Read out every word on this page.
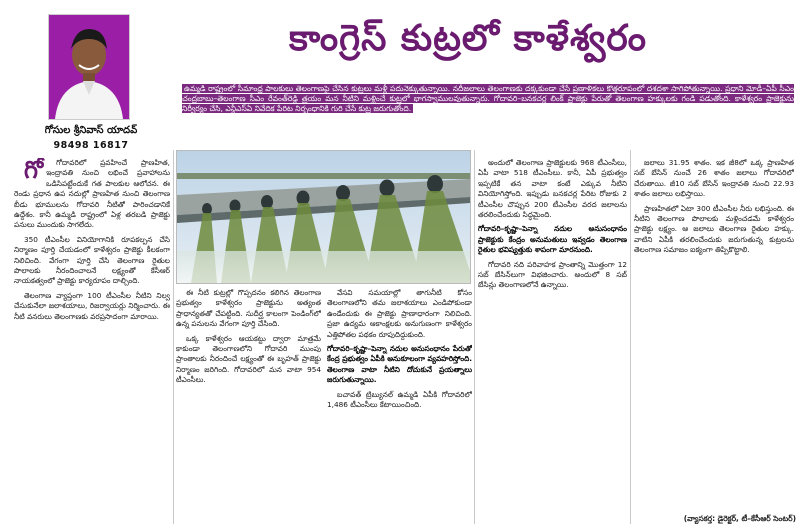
కాంగ్రెస్ కుట్రలో కాళేశ్వరం

ఉమ్మడి రాష్ట్రంలో సీమాంధ్ర పాలకులు తెలంగాణపై చేసిన కుట్రలు మళ్లీ పదునెక్కుతున్నాయి. నదీజలాలు తెలంగాణకు దక్కకుండా చేసే ప్రణాళికలు కొత్తరూపంలో దశదశా సాగిపోతున్నాయి. ప్రధాని మోడీ–ఏపీ సీఎం చంద్రబాబు–తెలంగాణ సీఎం రేవంత్‌రెడ్డి త్రయం మన నీటిని మళ్లించే కుట్రలో భాగస్వాములవుతున్నారు. గోదావరి–బనకచర్ల లింక్ ప్రాజెక్టు పేరుతో తెలంగాణ హక్కులకు గండి పడుతోంది. కాళేశ్వరం ప్రాజెక్టును నిర్వీర్యం చేసి, ఎన్డీఎస్ఏ నివేదిక పేరిట నిర్బంధానికి గురి చేసే కుట్ర జరుగుతోంది.

గోసుల శ్రీనివాస్ యాదవ్
98498 16817

గో గోదావరిలో ప్రవహించే ప్రాణహిత, ఇంద్రావతి నుంచి లభించే ప్రవాహాలను ఒడిసిపట్టేందుకే గత పాలకుల ఆలోచన. ఈ రెండు ప్రధాన ఉప నదుల్లో ప్రాణహిత నుంచి తెలంగాణ బీడు భూములను గోదావరి నీటితో పారించడానికే ఉద్దేశం. కానీ ఉమ్మడి రాష్ట్రంలో ఏళ్ల తరబడి ప్రాజెక్టు పనులు ముందుకు సాగలేదు.

350 టీఎంసీల వినియోగానికి రూపకల్పన చేసి నిర్మాణం పూర్తి చేయడంలో కాళేశ్వరం ప్రాజెక్టు కీలకంగా నిలిచింది. వేగంగా పూర్తి చేసి తెలంగాణ రైతుల పొలాలకు నీరందించాలనే లక్ష్యంతో కేసీఆర్ నాయకత్వంలో ప్రాజెక్టు కార్యరూపం దాల్చింది.

తెలంగాణ వ్యాప్తంగా 100 టీఎంసీల నీటిని నిల్వ చేసుకునేలా జలాశయాలు, రిజర్వాయర్లు నిర్మించారు. ఈ నీటి వనరులు తెలంగాణకు వరప్రసాదంగా మారాయి.

ఈ నీటి కుట్రల్లో గొప్పదనం కలిగిన తెలంగాణ ప్రభుత్వం కాళేశ్వరం ప్రాజెక్టును అత్యంత ప్రాధాన్యతతో చేపట్టింది. సుదీర్ఘ కాలంగా పెండింగ్‌లో ఉన్న పనులను వేగంగా పూర్తి చేసింది.

ఒక్క కాళేశ్వరం ఆయకట్టు ద్వారా మాత్రమే కాకుండా తెలంగాణలోని గోదావరి ముంపు ప్రాంతాలకు నీరందించే లక్ష్యంతో ఈ బృహత్ ప్రాజెక్టు నిర్మాణం జరిగింది. గోదావరిలో మన వాటా 954 టీఎంసీలు.

వేసవి సమయాల్లో తాగునీటి కోసం తెలంగాణలోని తమ జలాశయాలు ఎండిపోకుండా ఉండేందుకు ఈ ప్రాజెక్టు ప్రాణాధారంగా నిలిచింది. ప్రజా ఉద్యమ ఆకాంక్షలకు అనుగుణంగా కాళేశ్వరం ఎత్తిపోతల పథకం రూపుదిద్దుకుంది.

గోదావరి–కృష్ణా–పెన్నా నదుల అనుసంధానం పేరుతో కేంద్ర ప్రభుత్వం ఏపీకి అనుకూలంగా వ్యవహరిస్తోంది. తెలంగాణ వాటా నీటిని దోచుకునే ప్రయత్నాలు జరుగుతున్నాయి.

బచావత్ ట్రిబ్యునల్ ఉమ్మడి ఏపీకి గోదావరిలో 1,486 టీఎంసీలు కేటాయించింది.

అందులో తెలంగాణ ప్రాజెక్టులకు 968 టీఎంసీలు, ఏపీ వాటా 518 టీఎంసీలు. కానీ, ఏపీ ప్రభుత్వం ఇప్పటికే తన వాటా కంటే ఎక్కువ నీటిని వినియోగిస్తోంది. ఇప్పుడు బనకచర్ల పేరిట రోజుకు 2 టీఎంసీల చొప్పున 200 టీఎంసీల వరద జలాలను తరలించేందుకు సిద్ధమైంది.

గోదావరి–కృష్ణా–పెన్నా నదుల అనుసంధానం ప్రాజెక్టుకు కేంద్రం అనుమతులు ఇవ్వడం తెలంగాణ రైతుల భవిష్యత్తుకు శాపంగా మారనుంది.

గోదావరి నది పరివాహక ప్రాంతాన్ని మొత్తంగా 12 సబ్ బేసిన్‌లుగా విభజించారు. అందులో 8 సబ్ బేసిన్లు తెలంగాణలోనే ఉన్నాయి.

జలాలు 31.95 శాతం. ఇక జీ8లో ఒక్క ప్రాణహిత సబ్ బేసిన్ నుంచే 26 శాతం జలాలు గోదావరిలో చేరుతాయి. జీ10 సబ్ బేసిన్ ఇంద్రావతి నుంచి 22.93 శాతం జలాలు లభిస్తాయి.

ప్రాణహితలో ఏటా 300 టీఎంసీల నీరు లభిస్తుంది. ఈ నీటిని తెలంగాణ పొలాలకు మళ్లించడమే కాళేశ్వరం ప్రాజెక్టు లక్ష్యం. ఆ జలాలు తెలంగాణ రైతుల హక్కు. వాటిని ఏపీకి తరలించేందుకు జరుగుతున్న కుట్రలను తెలంగాణ సమాజం ఐక్యంగా తిప్పికొట్టాలి.

(వ్యాసకర్త: డైరెక్టర్, టీ–కేసీఆర్ సెంటర్)
